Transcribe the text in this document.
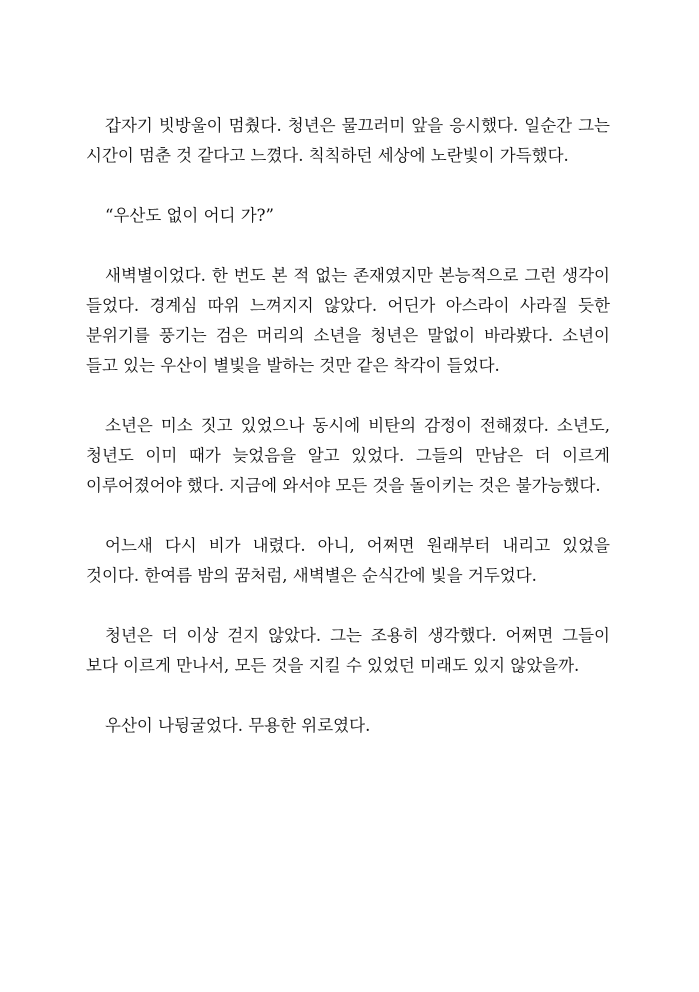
갑자기 빗방울이 멈췄다. 청년은 물끄러미 앞을 응시했다. 일순간 그는 시간이 멈춘 것 같다고 느꼈다. 칙칙하던 세상에 노란빛이 가득했다.

“우산도 없이 어디 가?”

새벽별이었다. 한 번도 본 적 없는 존재였지만 본능적으로 그런 생각이 들었다. 경계심 따위 느껴지지 않았다. 어딘가 아스라이 사라질 듯한 분위기를 풍기는 검은 머리의 소년을 청년은 말없이 바라봤다. 소년이 들고 있는 우산이 별빛을 발하는 것만 같은 착각이 들었다.

소년은 미소 짓고 있었으나 동시에 비탄의 감정이 전해졌다. 소년도, 청년도 이미 때가 늦었음을 알고 있었다. 그들의 만남은 더 이르게 이루어졌어야 했다. 지금에 와서야 모든 것을 돌이키는 것은 불가능했다.

어느새 다시 비가 내렸다. 아니, 어쩌면 원래부터 내리고 있었을 것이다. 한여름 밤의 꿈처럼, 새벽별은 순식간에 빛을 거두었다.

청년은 더 이상 걷지 않았다. 그는 조용히 생각했다. 어쩌면 그들이 보다 이르게 만나서, 모든 것을 지킬 수 있었던 미래도 있지 않았을까.

우산이 나뒹굴었다. 무용한 위로였다.
